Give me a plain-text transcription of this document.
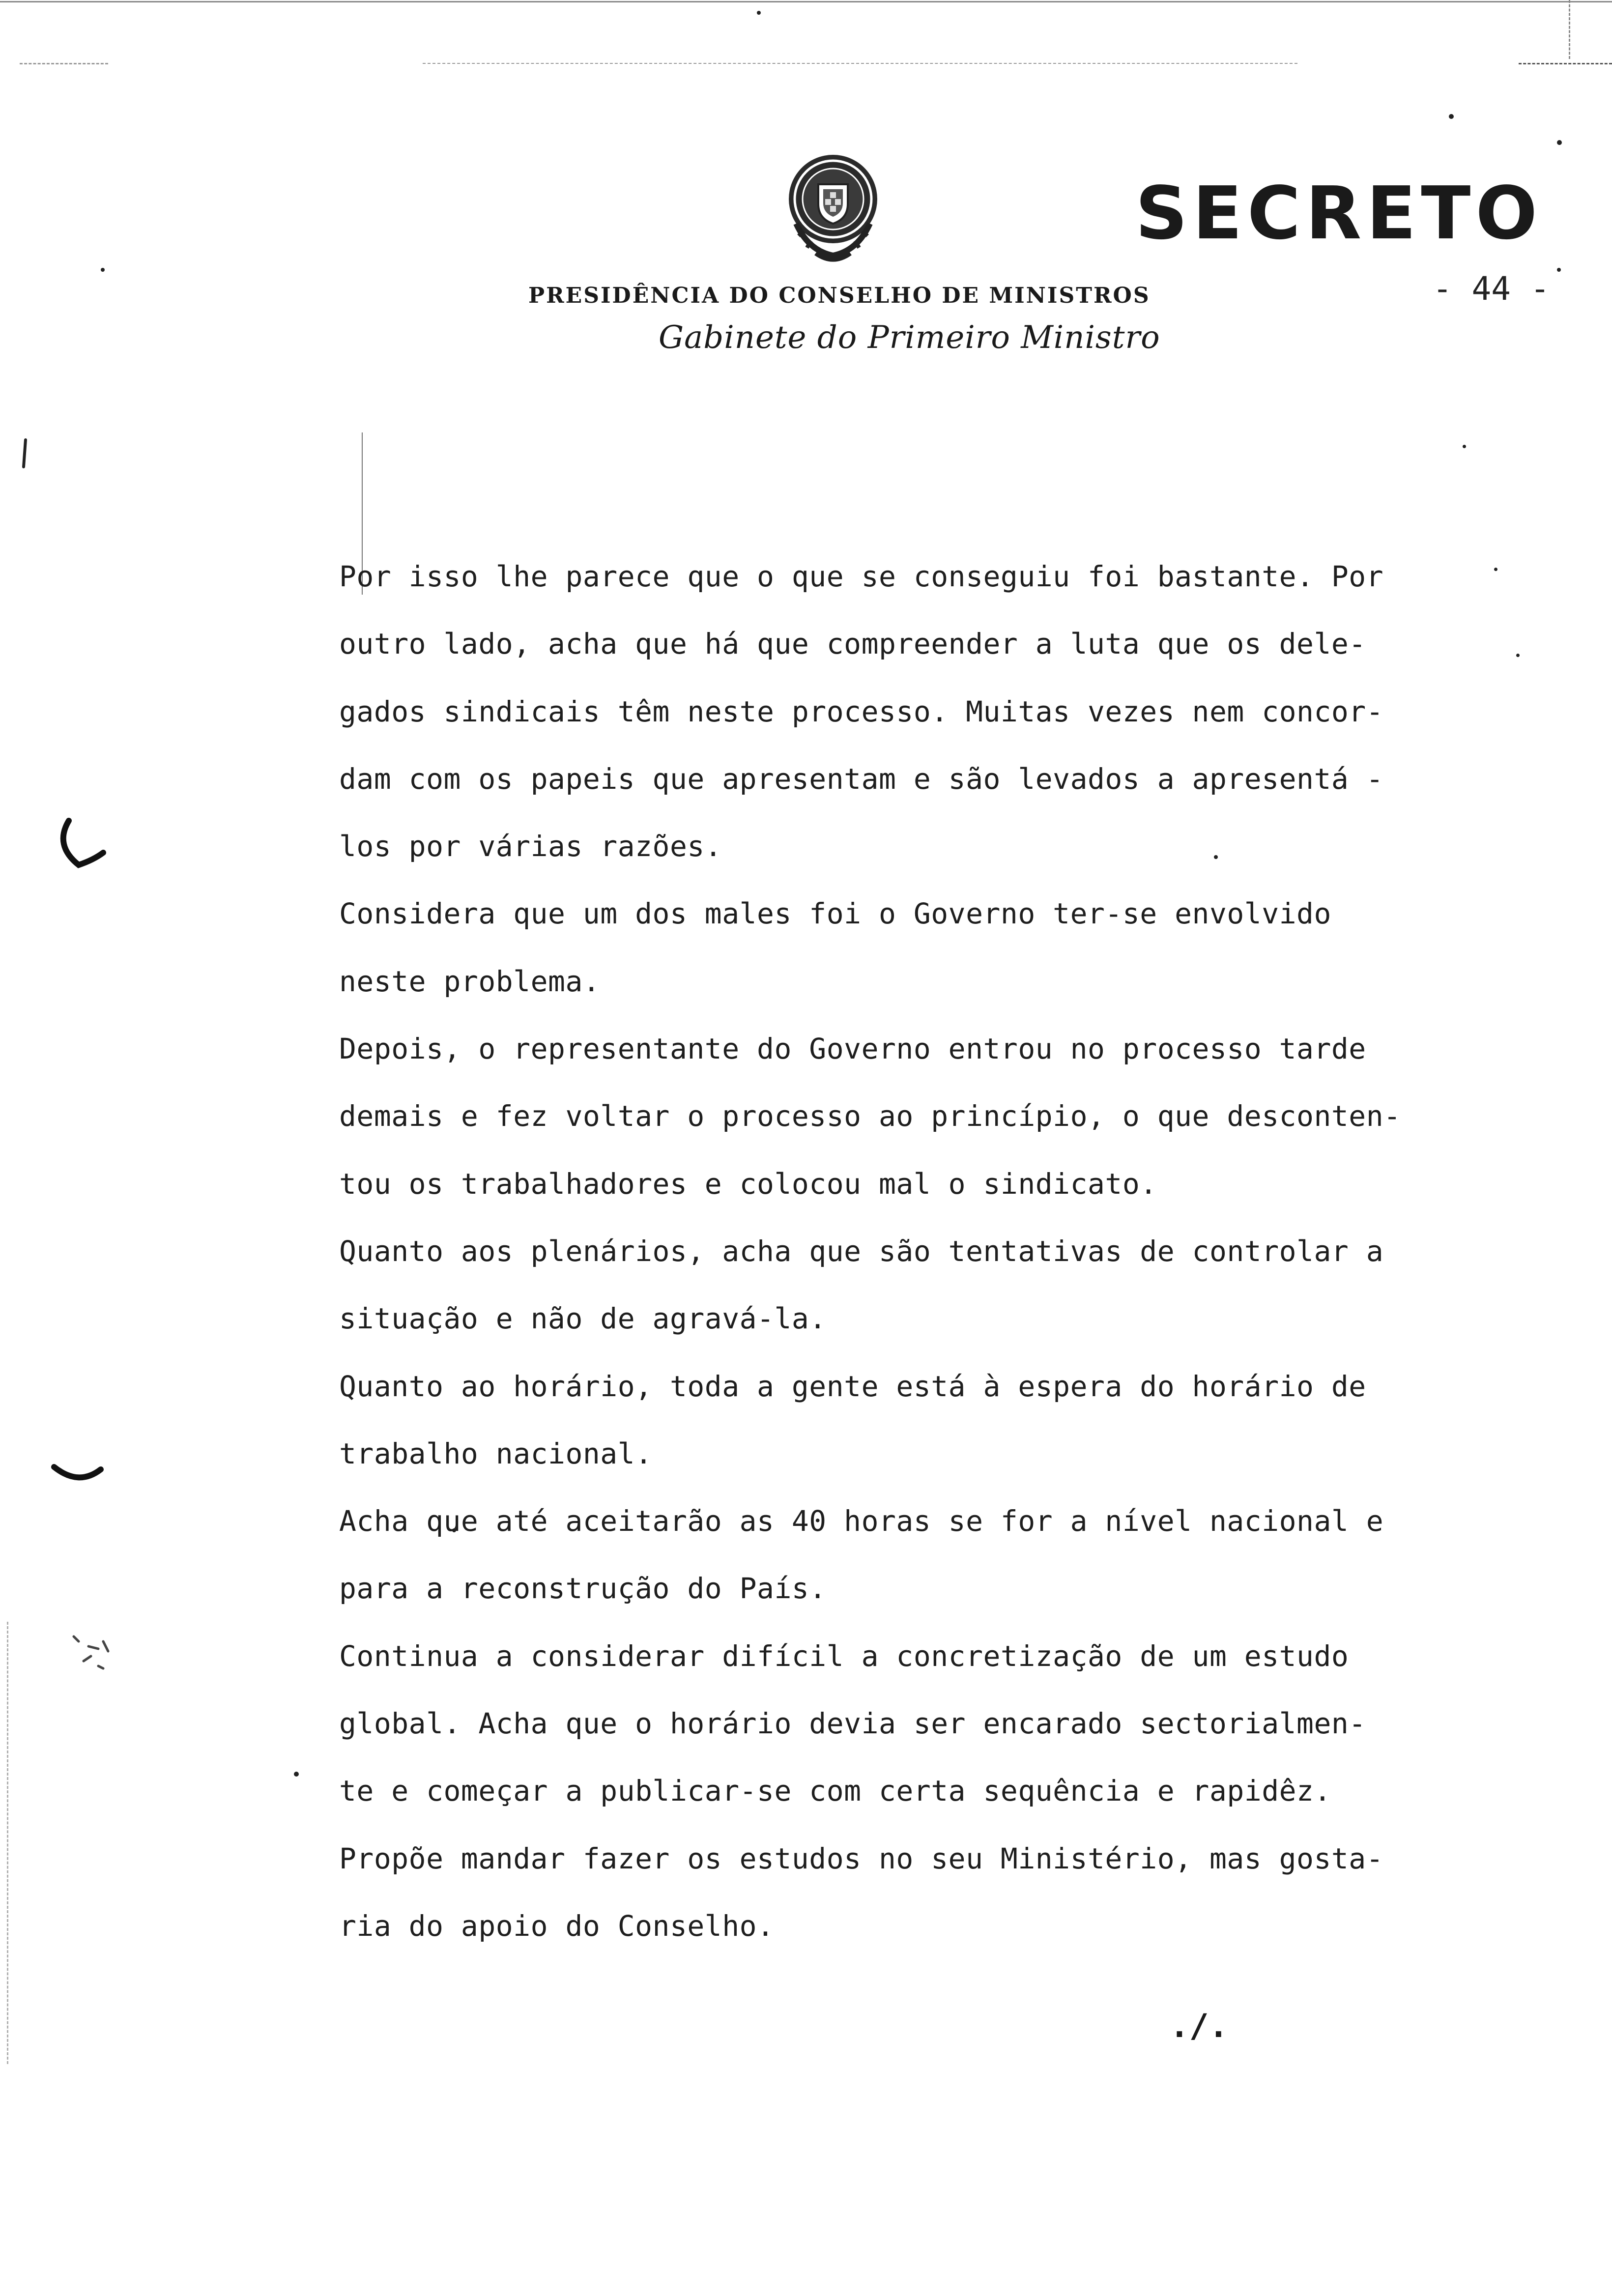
SECRETO
- 44 -
PRESIDÊNCIA DO CONSELHO DE MINISTROS
Gabinete do Primeiro Ministro
Por isso lhe parece que o que se conseguiu foi bastante. Por
outro lado, acha que há que compreender a luta que os dele-
gados sindicais têm neste processo. Muitas vezes nem concor-
dam com os papeis que apresentam e são levados a apresentá -
los por várias razões.
Considera que um dos males foi o Governo ter-se envolvido
neste problema.
Depois, o representante do Governo entrou no processo tarde
demais e fez voltar o processo ao princípio, o que desconten-
tou os trabalhadores e colocou mal o sindicato.
Quanto aos plenários, acha que são tentativas de controlar a
situação e não de agravá-la.
Quanto ao horário, toda a gente está à espera do horário de
trabalho nacional.
Acha que até aceitarão as 40 horas se for a nível nacional e
para a reconstrução do País.
Continua a considerar difícil a concretização de um estudo
global. Acha que o horário devia ser encarado sectorialmen-
te e começar a publicar-se com certa sequência e rapidêz.
Propõe mandar fazer os estudos no seu Ministério, mas gosta-
ria do apoio do Conselho.
./.
